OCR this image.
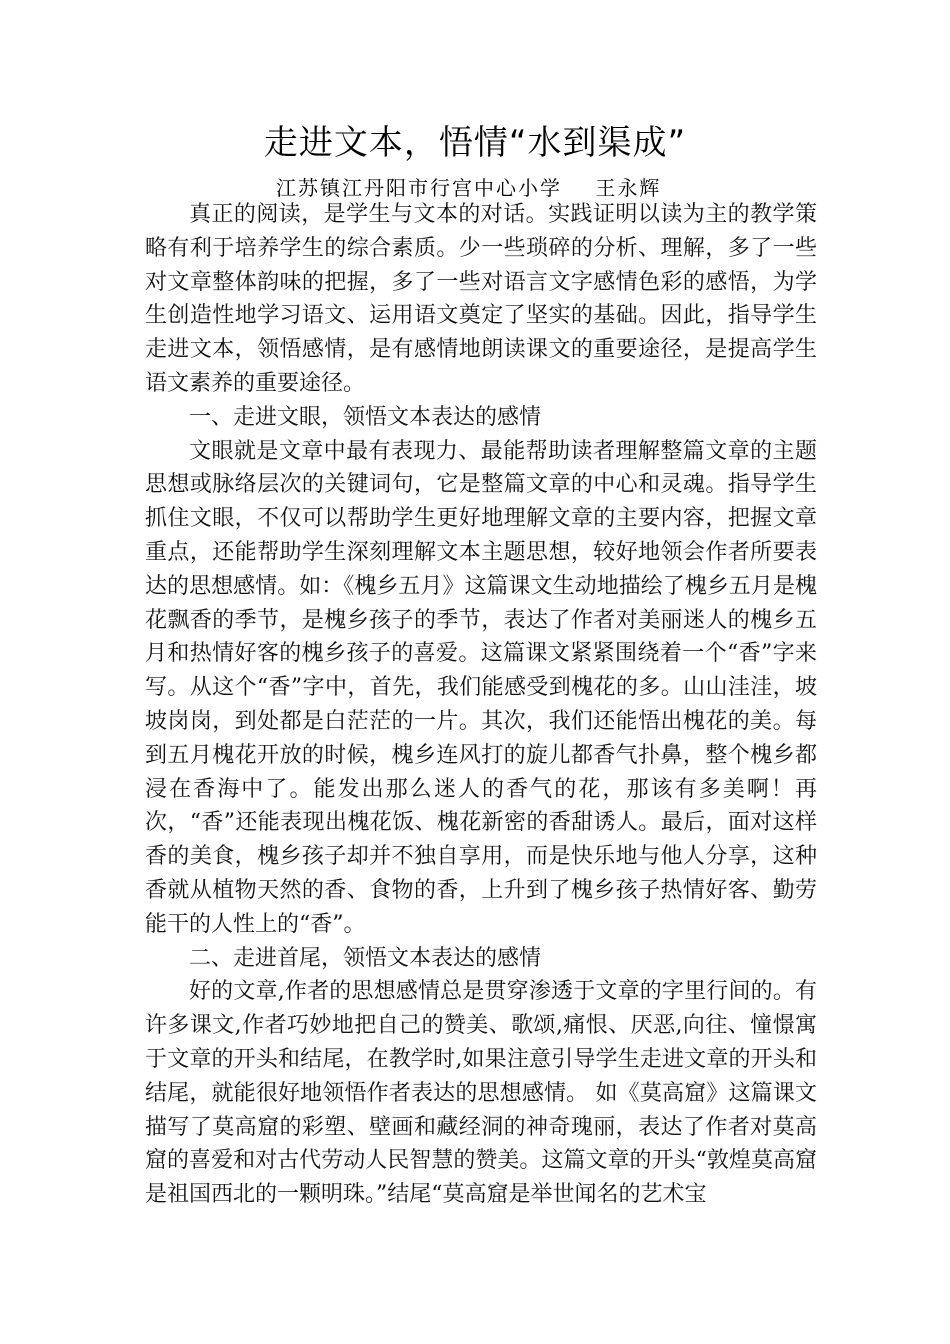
走进文本，悟情“水到渠成”
江苏镇江丹阳市行宫中心小学    王永辉

真正的阅读，是学生与文本的对话。实践证明以读为主的教学策略有利于培养学生的综合素质。少一些琐碎的分析、理解，多了一些对文章整体韵味的把握，多了一些对语言文字感情色彩的感悟，为学生创造性地学习语文、运用语文奠定了坚实的基础。因此，指导学生走进文本，领悟感情，是有感情地朗读课文的重要途径，是提高学生语文素养的重要途径。

一、走进文眼，领悟文本表达的感情

文眼就是文章中最有表现力、最能帮助读者理解整篇文章的主题思想或脉络层次的关键词句，它是整篇文章的中心和灵魂。指导学生抓住文眼，不仅可以帮助学生更好地理解文章的主要内容，把握文章重点，还能帮助学生深刻理解文本主题思想，较好地领会作者所要表达的思想感情。如：《槐乡五月》这篇课文生动地描绘了槐乡五月是槐花飘香的季节，是槐乡孩子的季节，表达了作者对美丽迷人的槐乡五月和热情好客的槐乡孩子的喜爱。这篇课文紧紧围绕着一个“香”字来写。从这个“香”字中，首先，我们能感受到槐花的多。山山洼洼，坡坡岗岗，到处都是白茫茫的一片。其次，我们还能悟出槐花的美。每到五月槐花开放的时候，槐乡连风打的旋儿都香气扑鼻，整个槐乡都浸在香海中了。能发出那么迷人的香气的花，那该有多美啊！再次，“香”还能表现出槐花饭、槐花新密的香甜诱人。最后，面对这样香的美食，槐乡孩子却并不独自享用，而是快乐地与他人分享，这种香就从植物天然的香、食物的香，上升到了槐乡孩子热情好客、勤劳能干的人性上的“香”。

二、走进首尾，领悟文本表达的感情

好的文章,作者的思想感情总是贯穿渗透于文章的字里行间的。有许多课文,作者巧妙地把自己的赞美、歌颂,痛恨、厌恶,向往、憧憬寓于文章的开头和结尾，在教学时,如果注意引导学生走进文章的开头和结尾，就能很好地领悟作者表达的思想感情。 如《莫高窟》这篇课文描写了莫高窟的彩塑、壁画和藏经洞的神奇瑰丽，表达了作者对莫高窟的喜爱和对古代劳动人民智慧的赞美。这篇文章的开头“敦煌莫高窟是祖国西北的一颗明珠。”结尾“莫高窟是举世闻名的艺术宝
